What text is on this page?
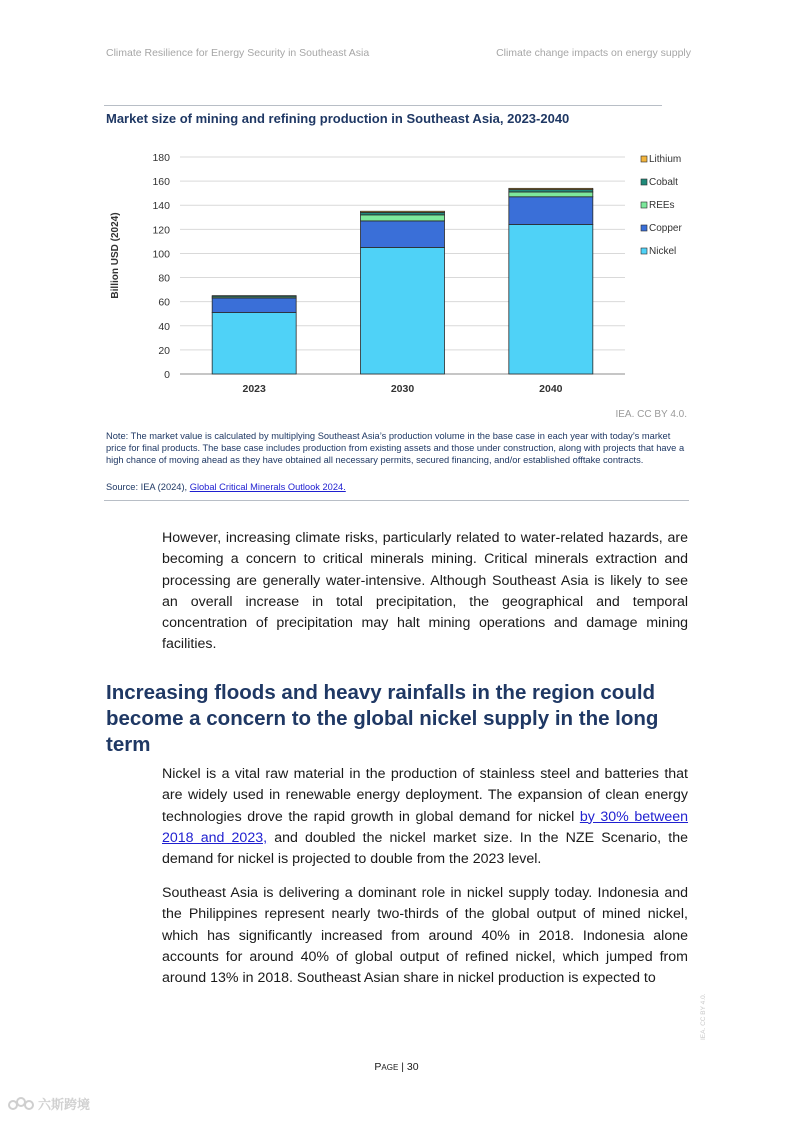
Climate Resilience for Energy Security in Southeast Asia	Climate change impacts on energy supply
Market size of mining and refining production in Southeast Asia, 2023-2040
0
20
40
60
80
100
120
140
160
180
Billion USD (2024)
2023	2030	2040
Lithium
Cobalt
REEs
Copper
Nickel
IEA. CC BY 4.0.
Note: The market value is calculated by multiplying Southeast Asia’s production volume in the base case in each year with today’s market price for final products. The base case includes production from existing assets and those under construction, along with projects that have a high chance of moving ahead as they have obtained all necessary permits, secured financing, and/or established offtake contracts.
Source: IEA (2024), Global Critical Minerals Outlook 2024.

However, increasing climate risks, particularly related to water-related hazards, are becoming a concern to critical minerals mining. Critical minerals extraction and processing are generally water-intensive. Although Southeast Asia is likely to see an overall increase in total precipitation, the geographical and temporal concentration of precipitation may halt mining operations and damage mining facilities.

Increasing floods and heavy rainfalls in the region could become a concern to the global nickel supply in the long term

Nickel is a vital raw material in the production of stainless steel and batteries that are widely used in renewable energy deployment. The expansion of clean energy technologies drove the rapid growth in global demand for nickel by 30% between 2018 and 2023, and doubled the nickel market size. In the NZE Scenario, the demand for nickel is projected to double from the 2023 level.

Southeast Asia is delivering a dominant role in nickel supply today. Indonesia and the Philippines represent nearly two-thirds of the global output of mined nickel, which has significantly increased from around 40% in 2018. Indonesia alone accounts for around 40% of global output of refined nickel, which jumped from around 13% in 2018. Southeast Asian share in nickel production is expected to

PAGE | 30
IEA. CC BY 4.0.
六斯跨境
